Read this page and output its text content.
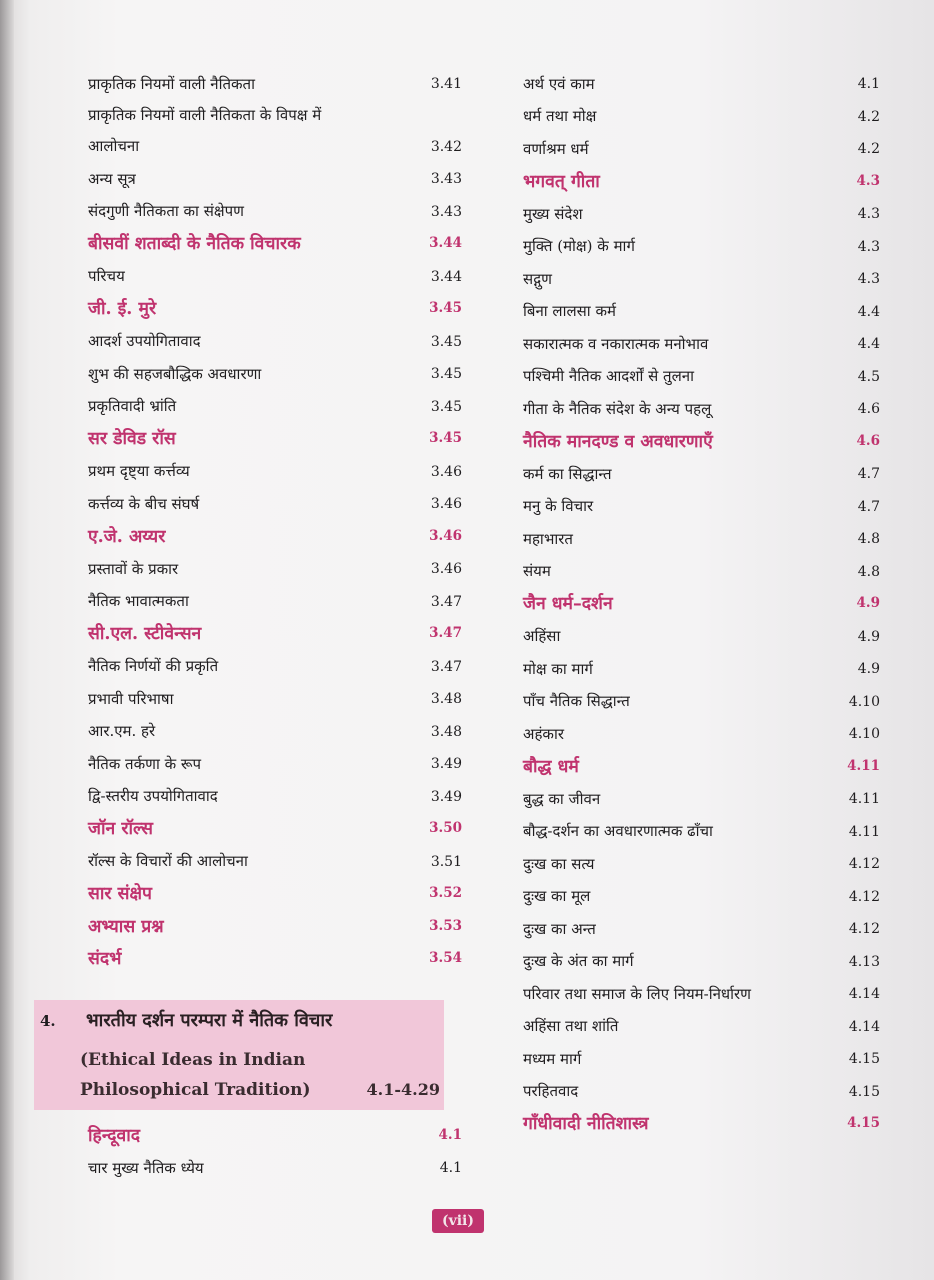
प्राकृतिक नियमों वाली नैतिकता	3.41
प्राकृतिक नियमों वाली नैतिकता के विपक्ष में
आलोचना	3.42
अन्य सूत्र	3.43
संदगुणी नैतिकता का संक्षेपण	3.43
बीसवीं शताब्दी के नैतिक विचारक	3.44
परिचय	3.44
जी. ई. मुरे	3.45
आदर्श उपयोगितावाद	3.45
शुभ की सहजबौद्धिक अवधारणा	3.45
प्रकृतिवादी भ्रांति	3.45
सर डेविड रॉस	3.45
प्रथम दृष्ट्या कर्त्तव्य	3.46
कर्त्तव्य के बीच संघर्ष	3.46
ए.जे. अय्यर	3.46
प्रस्तावों के प्रकार	3.46
नैतिक भावात्मकता	3.47
सी.एल. स्टीवेन्सन	3.47
नैतिक निर्णयों की प्रकृति	3.47
प्रभावी परिभाषा	3.48
आर.एम. हरे	3.48
नैतिक तर्कणा के रूप	3.49
द्वि-स्तरीय उपयोगितावाद	3.49
जॉन रॉल्स	3.50
रॉल्स के विचारों की आलोचना	3.51
सार संक्षेप	3.52
अभ्यास प्रश्न	3.53
संदर्भ	3.54
4. भारतीय दर्शन परम्परा में नैतिक विचार
(Ethical Ideas in Indian
Philosophical Tradition)	4.1-4.29
हिन्दूवाद	4.1
चार मुख्य नैतिक ध्येय	4.1
अर्थ एवं काम	4.1
धर्म तथा मोक्ष	4.2
वर्णाश्रम धर्म	4.2
भगवत् गीता	4.3
मुख्य संदेश	4.3
मुक्ति (मोक्ष) के मार्ग	4.3
सद्गुण	4.3
बिना लालसा कर्म	4.4
सकारात्मक व नकारात्मक मनोभाव	4.4
पश्चिमी नैतिक आदर्शों से तुलना	4.5
गीता के नैतिक संदेश के अन्य पहलू	4.6
नैतिक मानदण्ड व अवधारणाएँ	4.6
कर्म का सिद्धान्त	4.7
मनु के विचार	4.7
महाभारत	4.8
संयम	4.8
जैन धर्म–दर्शन	4.9
अहिंसा	4.9
मोक्ष का मार्ग	4.9
पाँच नैतिक सिद्धान्त	4.10
अहंकार	4.10
बौद्ध धर्म	4.11
बुद्ध का जीवन	4.11
बौद्ध-दर्शन का अवधारणात्मक ढाँचा	4.11
दुःख का सत्य	4.12
दुःख का मूल	4.12
दुःख का अन्त	4.12
दुःख के अंत का मार्ग	4.13
परिवार तथा समाज के लिए नियम-निर्धारण	4.14
अहिंसा तथा शांति	4.14
मध्यम मार्ग	4.15
परहितवाद	4.15
गाँधीवादी नीतिशास्त्र	4.15
(vii)
